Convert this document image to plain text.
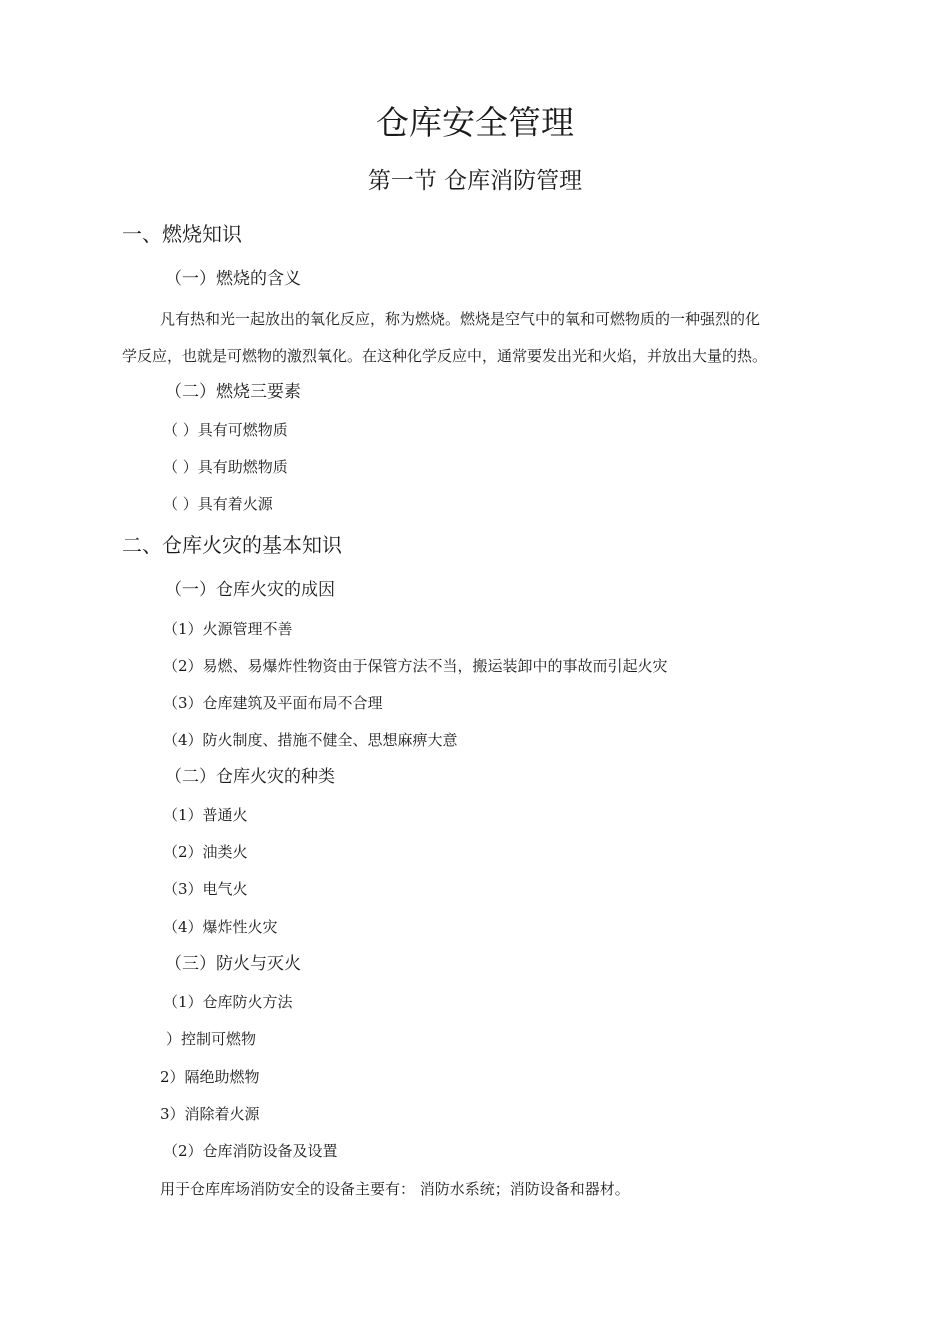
仓库安全管理
第一节 仓库消防管理
一、燃烧知识
（一）燃烧的含义
凡有热和光一起放出的氧化反应，称为燃烧。燃烧是空气中的氧和可燃物质的一种强烈的化
学反应，也就是可燃物的激烈氧化。在这种化学反应中，通常要发出光和火焰，并放出大量的热。
（二）燃烧三要素
（ ）具有可燃物质
（ ）具有助燃物质
（ ）具有着火源
二、仓库火灾的基本知识
（一）仓库火灾的成因
（1）火源管理不善
（2）易燃、易爆炸性物资由于保管方法不当，搬运装卸中的事故而引起火灾
（3）仓库建筑及平面布局不合理
（4）防火制度、措施不健全、思想麻痹大意
（二）仓库火灾的种类
（1）普通火
（2）油类火
（3）电气火
（4）爆炸性火灾
（三）防火与灭火
（1）仓库防火方法
）控制可燃物
2）隔绝助燃物
3）消除着火源
（2）仓库消防设备及设置
用于仓库库场消防安全的设备主要有： 消防水系统；消防设备和器材。
